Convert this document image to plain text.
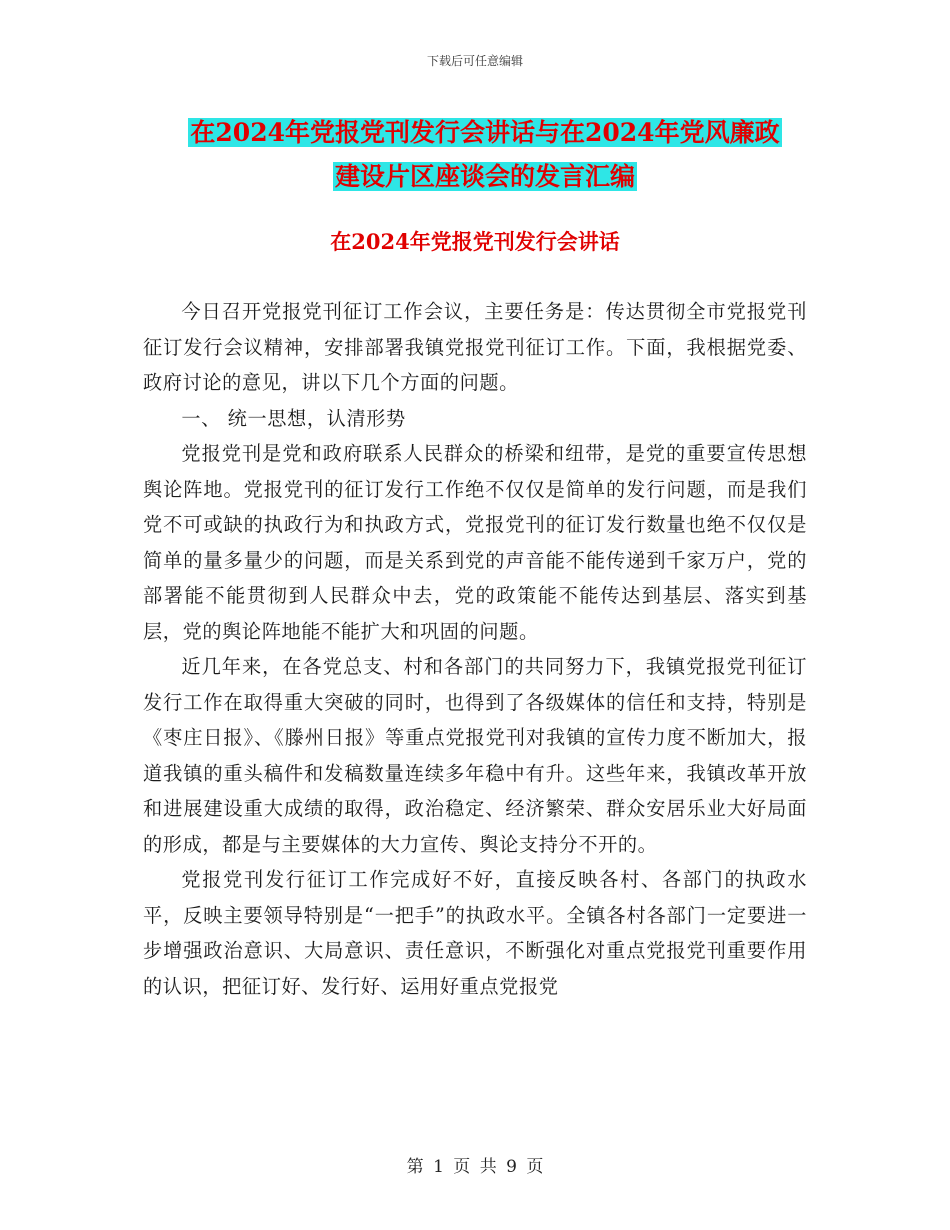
下载后可任意编辑
在2024年党报党刊发行会讲话与在2024年党风廉政
建设片区座谈会的发言汇编
在2024年党报党刊发行会讲话

今日召开党报党刊征订工作会议，主要任务是：传达贯彻全市党报党刊征订发行会议精神，安排部署我镇党报党刊征订工作。下面，我根据党委、政府讨论的意见，讲以下几个方面的问题。

一、 统一思想，认清形势

党报党刊是党和政府联系人民群众的桥梁和纽带，是党的重要宣传思想舆论阵地。党报党刊的征订发行工作绝不仅仅是简单的发行问题，而是我们党不可或缺的执政行为和执政方式，党报党刊的征订发行数量也绝不仅仅是简单的量多量少的问题，而是关系到党的声音能不能传递到千家万户，党的部署能不能贯彻到人民群众中去，党的政策能不能传达到基层、落实到基层，党的舆论阵地能不能扩大和巩固的问题。

近几年来，在各党总支、村和各部门的共同努力下，我镇党报党刊征订发行工作在取得重大突破的同时，也得到了各级媒体的信任和支持，特别是《枣庄日报》、《滕州日报》等重点党报党刊对我镇的宣传力度不断加大，报道我镇的重头稿件和发稿数量连续多年稳中有升。这些年来，我镇改革开放和进展建设重大成绩的取得，政治稳定、经济繁荣、群众安居乐业大好局面的形成，都是与主要媒体的大力宣传、舆论支持分不开的。

党报党刊发行征订工作完成好不好，直接反映各村、各部门的执政水平，反映主要领导特别是“一把手”的执政水平。全镇各村各部门一定要进一步增强政治意识、大局意识、责任意识，不断强化对重点党报党刊重要作用的认识，把征订好、发行好、运用好重点党报党

第 1 页 共 9 页
